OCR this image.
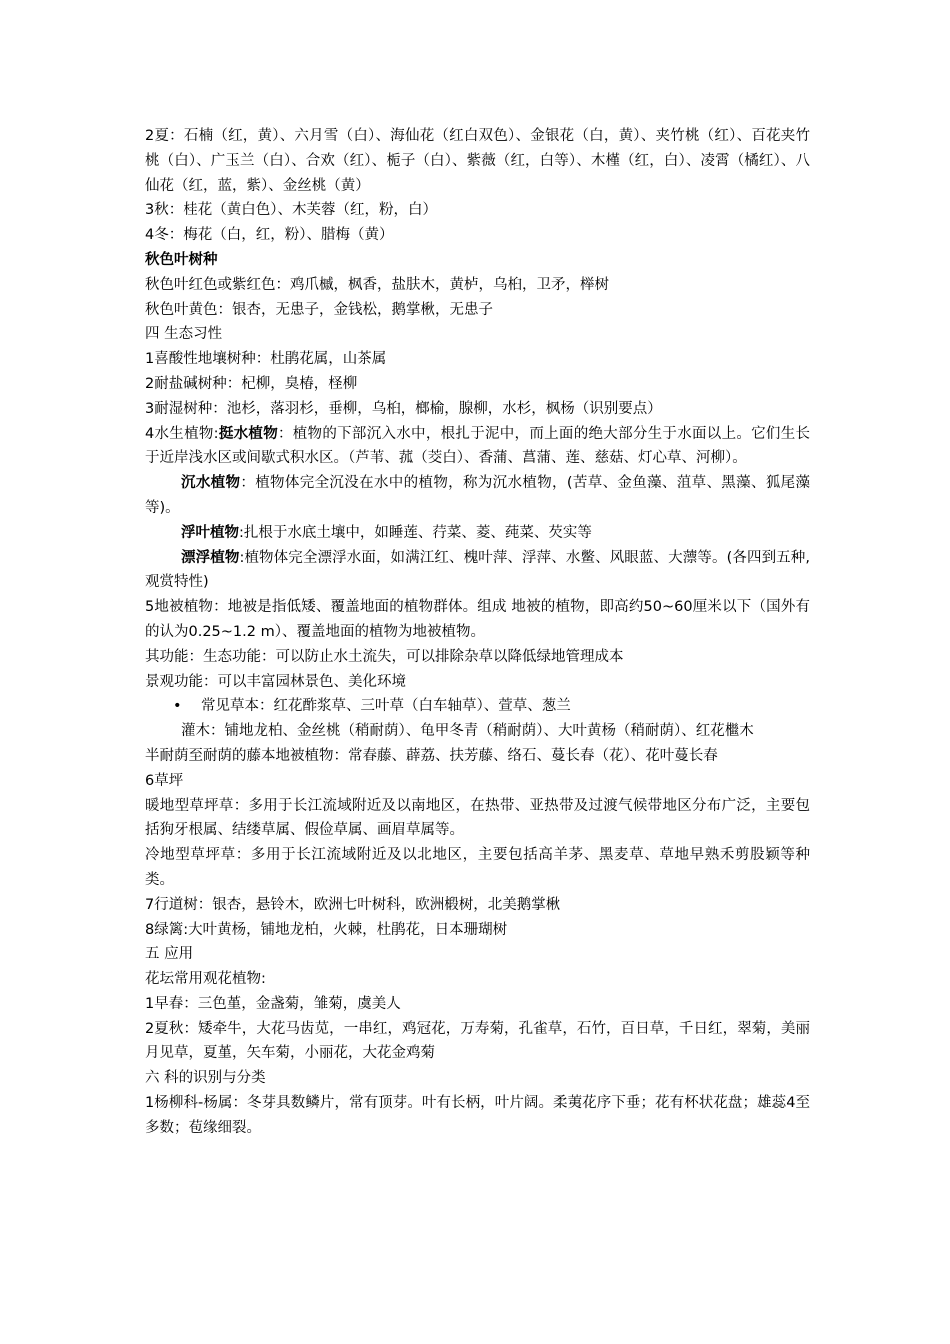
2夏：石楠（红，黄）、六月雪（白）、海仙花（红白双色）、金银花（白，黄）、夹竹桃（红）、百花夹竹桃（白）、广玉兰（白）、合欢（红）、栀子（白）、紫薇（红，白等）、木槿（红，白）、凌霄（橘红）、八仙花（红，蓝，紫）、金丝桃（黄）

3秋：桂花（黄白色）、木芙蓉（红，粉，白）

4冬：梅花（白，红，粉）、腊梅（黄）

秋色叶树种

秋色叶红色或紫红色：鸡爪槭，枫香，盐肤木，黄栌，乌桕，卫矛，榉树

秋色叶黄色：银杏，无患子，金钱松，鹅掌楸，无患子

四 生态习性

1喜酸性地壤树种：杜鹃花属，山茶属

2耐盐碱树种：杞柳，臭椿，柽柳

3耐湿树种：池杉，落羽杉，垂柳，乌桕，榔榆，腺柳，水杉，枫杨（识别要点）

4水生植物:挺水植物：植物的下部沉入水中，根扎于泥中，而上面的绝大部分生于水面以上。它们生长于近岸浅水区或间歇式积水区。（芦苇、菰（茭白）、香蒲、菖蒲、莲、慈菇、灯心草、河柳）。

沉水植物：植物体完全沉没在水中的植物，称为沉水植物，(苦草、金鱼藻、菹草、黑藻、狐尾藻等)。

浮叶植物:扎根于水底土壤中，如睡莲、荇菜、菱、莼菜、芡实等

漂浮植物:植物体完全漂浮水面，如满江红、槐叶萍、浮萍、水鳖、风眼蓝、大薸等。(各四到五种,观赏特性)

5地被植物：地被是指低矮、覆盖地面的植物群体。组成 地被的植物，即高约50~60厘米以下（国外有的认为0.25~1.2 m）、覆盖地面的植物为地被植物。

其功能：生态功能：可以防止水土流失，可以排除杂草以降低绿地管理成本

景观功能：可以丰富园林景色、美化环境

• 常见草本：红花酢浆草、三叶草（白车轴草）、萱草、葱兰

灌木：铺地龙柏、金丝桃（稍耐荫）、龟甲冬青（稍耐荫）、大叶黄杨（稍耐荫）、红花檵木

半耐荫至耐荫的藤本地被植物：常春藤、薜荔、扶芳藤、络石、蔓长春（花）、花叶蔓长春

6草坪

暖地型草坪草：多用于长江流域附近及以南地区，在热带、亚热带及过渡气候带地区分布广泛，主要包括狗牙根属、结缕草属、假俭草属、画眉草属等。

冷地型草坪草：多用于长江流域附近及以北地区，主要包括高羊茅、黑麦草、草地早熟禾剪股颖等种类。

7行道树：银杏，悬铃木，欧洲七叶树科，欧洲椴树，北美鹅掌楸

8绿篱:大叶黄杨，铺地龙柏，火棘，杜鹃花，日本珊瑚树

五 应用

花坛常用观花植物:

1早春：三色堇，金盏菊，雏菊，虞美人

2夏秋：矮牵牛，大花马齿苋，一串红，鸡冠花，万寿菊，孔雀草，石竹，百日草，千日红，翠菊，美丽月见草，夏堇，矢车菊，小丽花，大花金鸡菊

六 科的识别与分类

1杨柳科-杨属：冬芽具数鳞片，常有顶芽。叶有长柄，叶片阔。柔荑花序下垂；花有杯状花盘；雄蕊4至多数；苞缘细裂。
